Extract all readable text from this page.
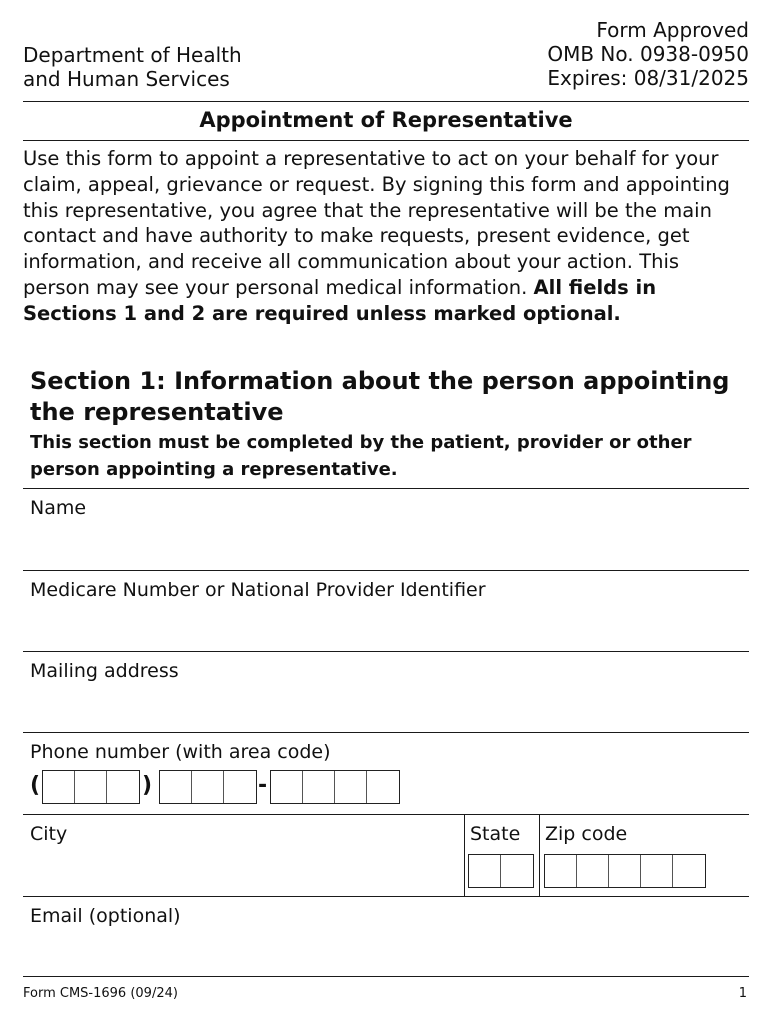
Department of Health
and Human Services
Form Approved
OMB No. 0938-0950
Expires: 08/31/2025
Appointment of Representative
Use this form to appoint a representative to act on your behalf for your claim, appeal, grievance or request. By signing this form and appointing this representative, you agree that the representative will be the main contact and have authority to make requests, present evidence, get information, and receive all communication about your action. This person may see your personal medical information. All fields in Sections 1 and 2 are required unless marked optional.
Section 1: Information about the person appointing the representative
This section must be completed by the patient, provider or other person appointing a representative.
Name
Medicare Number or National Provider Identifier
Mailing address
Phone number (with area code)
(	)	-
City	State Zip code
Email (optional)
Form CMS-1696 (09/24)	1
